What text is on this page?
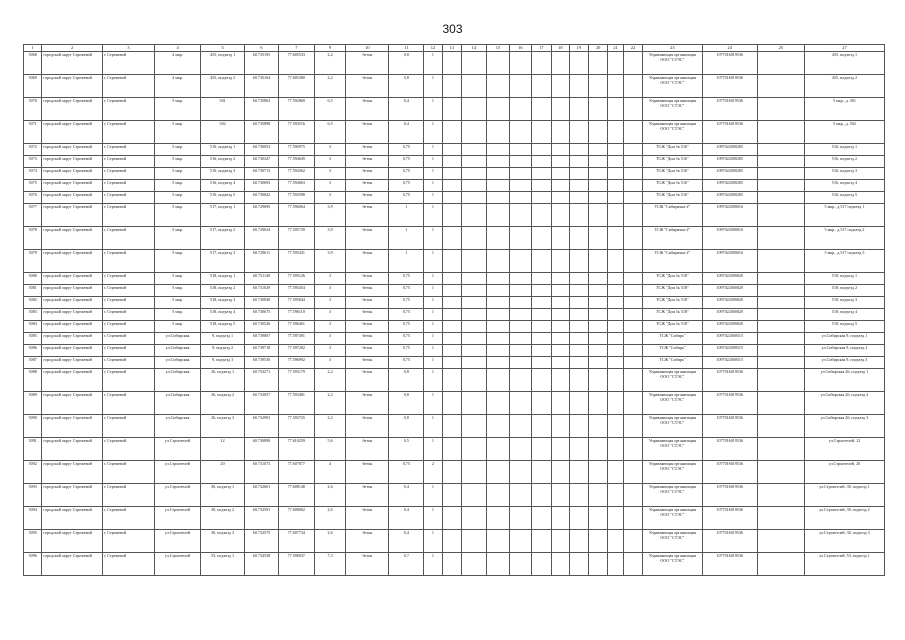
303
1	2	3	4	5	6	7	9	10	11	12	13	14	15	16	17	18	19	20	21	22	23	24	25	27
5068	городской округ Стрежевой	г. Стрежевой	4 мкр.	455, подъезд 1	60.735195	77.605533	2,2	бетон	0,8	1											Управляющая организация ООО "СТЭС"	1077016019536		455, подъезд 1
5069	городской округ Стрежевой	г. Стрежевой	4 мкр.	455, подъезд 2	60.735164	77.605380	2,2	бетон	0,8	1											Управляющая организация ООО "СТЭС"	1077016019536		455, подъезд 2
5070	городской округ Стрежевой	г. Стрежевой	5 мкр.	501	60.735862	77.592869	6,5	бетон	0,4	1											Управляющая организация ООО "СТЭС"	1077016019536		5 мкр., д. 501
5071	городской округ Стрежевой	г. Стрежевой	5 мкр.	502	60.735898	77.593516	6,5	бетон	0,4	1											Управляющая организация ООО "СТЭС"	1077016019536		5 мкр., д. 502
5072	городской округ Стрежевой	г. Стрежевой	5 мкр.	516, подъезд 1	60.730053	77.590975	3	бетон	0,75	1											ТСЖ "Дом № 516"	1097022000285		516, подъезд 1
5073	городской округ Стрежевой	г. Стрежевой	5 мкр.	516, подъезд 2	60.730347	77.594649	3	бетон	0,75	1											ТСЖ "Дом № 516"	1097022000285		516, подъезд 2
5074	городской округ Стрежевой	г. Стрежевой	5 мкр.	516, подъезд 3	60.730713	77.594362	3	бетон	0,75	1											ТСЖ "Дом № 516"	1097022000285		516, подъезд 3
5075	городской округ Стрежевой	г. Стрежевой	5 мкр.	516, подъезд 4	60.730693	77.594063	3	бетон	0,75	1											ТСЖ "Дом № 516"	1097022000285		516, подъезд 4
5076	городской округ Стрежевой	г. Стрежевой	5 мкр.	516, подъезд 5	60.730842	77.593598	3	бетон	0,75	1											ТСЖ "Дом № 516"	1097022000285		516, подъезд 5
5077	городской округ Стрежевой	г. Стрежевой	5 мкр.	517, подъезд 1	60.729695	77.596064	3,9	бетон	1	1											ТСЖ "Сибирячка-2"	1097022000016		5 мкр., д.517 подъезд 1
5078	городской округ Стрежевой	г. Стрежевой	5 мкр.	517, подъезд 2	60.729634	77.595739	3,9	бетон	1	1											ТСЖ "Сибирячка-2"	1097022000016		5 мкр., д.517 подъезд 2
5079	городской округ Стрежевой	г. Стрежевой	5 мкр.	517, подъезд 3	60.729611	77.595431	3,9	бетон	1	1											ТСЖ "Сибирячка-2"	1097022000016		5 мкр., д.517 подъезд 3
5080	городской округ Стрежевой	г. Стрежевой	5 мкр.	518, подъезд 1	60.731149	77.595126	3	бетон	0,75	1											ТСЖ "Дом № 518"	1097022000020		518, подъезд 1
5081	городской округ Стрежевой	г. Стрежевой	5 мкр.	518, подъезд 2	60.731029	77.595454	3	бетон	0,75	1											ТСЖ "Дом № 518"	1097022000020		518, подъезд 2
5082	городской округ Стрежевой	г. Стрежевой	5 мкр.	518, подъезд 3	60.730830	77.595844	3	бетон	0,75	1											ТСЖ "Дом № 518"	1097022000020		518, подъезд 3
5083	городской округ Стрежевой	г. Стрежевой	5 мкр.	518, подъезд 4	60.730675	77.596110	3	бетон	0,75	1											ТСЖ "Дом № 518"	1097022000020		518, подъезд 4
5084	городской округ Стрежевой	г. Стрежевой	5 мкр.	518, подъезд 5	60.730526	77.596461	3	бетон	0,75	1											ТСЖ "Дом № 518"	1097022000020		518, подъезд 5
5085	городской округ Стрежевой	г. Стрежевой	ул.Сибирская	9, подъезд 1	60.739807	77.597491	3	бетон	0,75	1											ТСЖ "Сибирь"	1097022000515		ул.Сибирская 9, подъезд 1
5086	городской округ Стрежевой	г. Стрежевой	ул.Сибирская	9, подъезд 2	60.739718	77.597202	3	бетон	0,75	1											ТСЖ "Сибирь"	1097022000515		ул.Сибирская 9, подъезд 2
5087	городской округ Стрежевой	г. Стрежевой	ул.Сибирская	9, подъезд 3	60.739530	77.596992	3	бетон	0,75	1											ТСЖ "Сибирь"	1097022000515		ул.Сибирская 9, подъезд 3
5088	городской округ Стрежевой	г. Стрежевой	ул.Сибирская	26, подъезд 1	60.733271	77.593179	2,2	бетон	0,8	1											Управляющая организация ООО "СТЭС"	1077016019536		ул.Сибирская 26, подъезд 1
5089	городской округ Стрежевой	г. Стрежевой	ул.Сибирская	26, подъезд 2	60.733057	77.593481	2,2	бетон	0,8	1											Управляющая организация ООО "СТЭС"	1077016019536		ул.Сибирская 26, подъезд 2
5090	городской округ Стрежевой	г. Стрежевой	ул.Сибирская	26, подъезд 3	60.732903	77.593725	2,2	бетон	0,8	1											Управляющая организация ООО "СТЭС"	1077016019536		ул.Сибирская 26, подъезд 3
5091	городской округ Стрежевой	г. Стрежевой	ул.Строителей	12	60.730890	77.610259	5,6	бетон	0,5	1											Управляющая организация ООО "СТЭС"	1077016019536		ул.Строителей, 12
5092	городской округ Стрежевой	г. Стрежевой	ул.Строителей	20	60.731073	77.607877	4	бетон	0,75	2											Управляющая организация ООО "СТЭС"	1077016019536		ул.Строителей, 20
5093	городской округ Стрежевой	г. Стрежевой	ул.Строителей	30, подъезд 1	60.732601	77.608148	2,6	бетон	0,4	1											Управляющая организация ООО "СТЭС"	1077016019536		ул.Строителей, 30, подъезд 1
5094	городской округ Стрежевой	г. Стрежевой	ул.Строителей	30, подъезд 2	60.732591	77.608002	2,6	бетон	0,4	1											Управляющая организация ООО "СТЭС"	1077016019536		ул.Строителей, 30, подъезд 2
5095	городской округ Стрежевой	г. Стрежевой	ул.Строителей	30, подъезд 3	60.732575	77.607734	2,6	бетон	0,4	1											Управляющая организация ООО "СТЭС"	1077016019536		ул.Строителей, 30, подъезд 3
5096	городской округ Стрежевой	г. Стрежевой	ул.Строителей	53, подъезд 1	60.734538	77.596937	7,3	бетон	0,7	1											Управляющая организация ООО "СТЭС"	1077016019536		ул.Строителей, 53, подъезд 1
